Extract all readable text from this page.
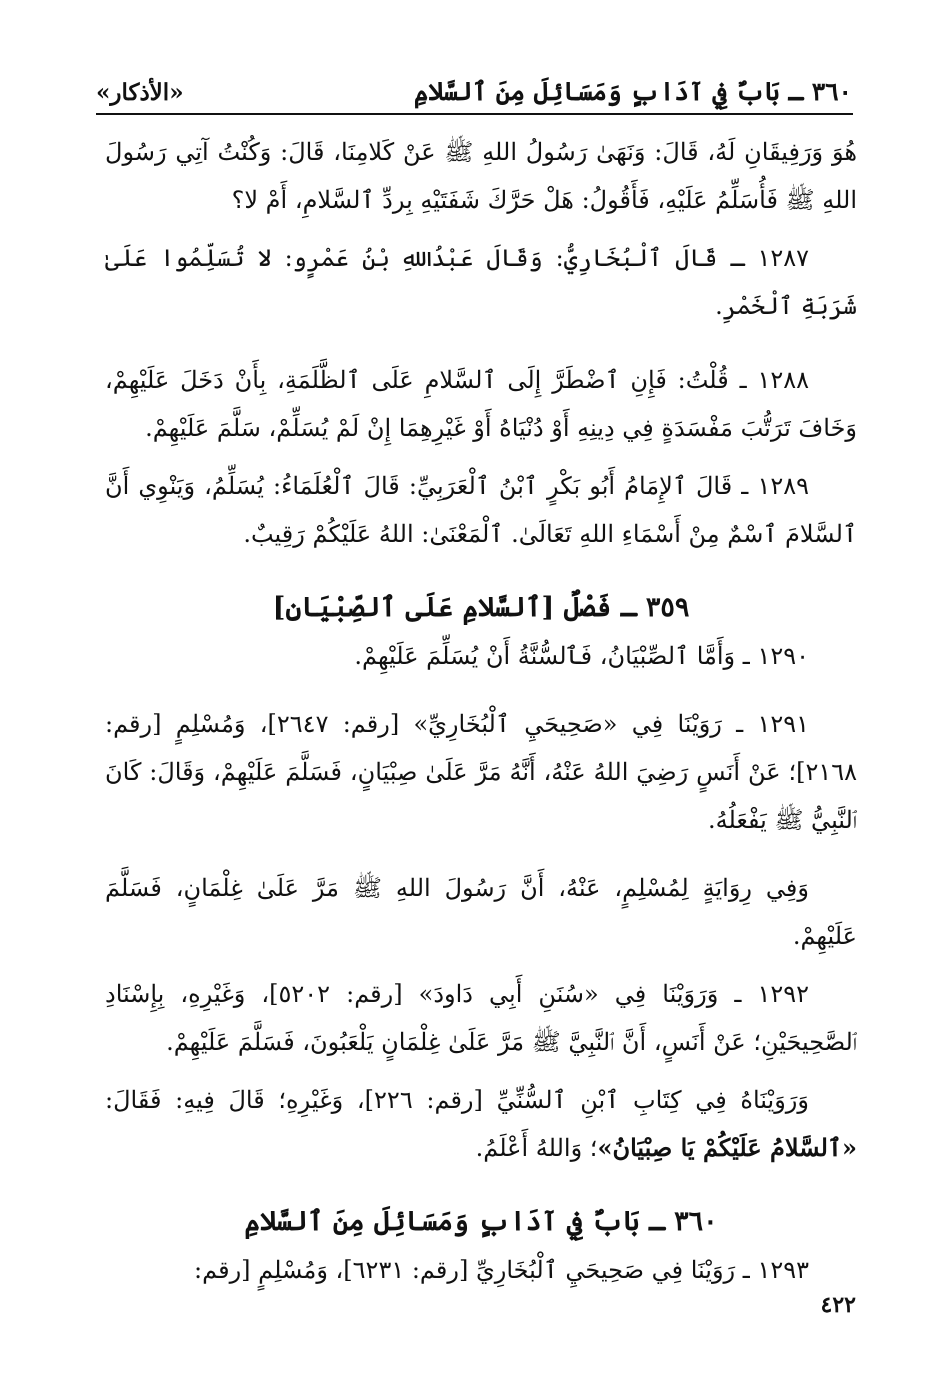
٣٦٠ ـ بَابٌ فِي آدَابٍ وَمَسَائِلَ مِنَ ٱلسَّلامِ
«الأذكار»

هُوَ وَرَفِيقَانِ لَهُ، قَالَ: وَنَهَىٰ رَسُولُ اللهِ ﷺ عَنْ كَلامِنَا، قَالَ: وَكُنْتُ آتِي رَسُولَ اللهِ ﷺ فَأُسَلِّمُ عَلَيْهِ، فَأَقُولُ: هَلْ حَرَّكَ شَفَتَيْهِ بِردِّ ٱلسَّلامِ، أَمْ لا؟

١٢٨٧ ـ قَالَ ٱلْبُخَارِيُّ: وَقَالَ عَبْدُاللهِ بْنُ عَمْرٍو: لا تُسَلِّمُوا عَلَىٰ شَرَبَةِ ٱلْخَمْرِ.

١٢٨٨ ـ قُلْتُ: فَإِنِ ٱضْطَرَّ إِلَى ٱلسَّلامِ عَلَى ٱلظَّلَمَةِ، بِأَنْ دَخَلَ عَلَيْهِمْ، وَخَافَ تَرَتُّبَ مَفْسَدَةٍ فِي دِينِهِ أَوْ دُنْيَاهُ أَوْ غَيْرِهِمَا إِنْ لَمْ يُسَلِّمْ، سَلَّمَ عَلَيْهِمْ.

١٢٨٩ ـ قَالَ ٱلإِمَامُ أَبُو بَكْرٍ ٱبْنُ ٱلْعَرَبِيِّ: قَالَ ٱلْعُلَمَاءُ: يُسَلِّمُ، وَيَنْوِي أَنَّ ٱلسَّلامَ ٱسْمٌ مِنْ أَسْمَاءِ اللهِ تَعَالَىٰ. ٱلْمَعْنَىٰ: اللهُ عَلَيْكُمْ رَقِيبٌ.

٣٥٩ ـ فَصْلٌ [ٱلسَّلامِ عَلَى ٱلصِّبْيَانِ]

١٢٩٠ ـ وَأَمَّا ٱلصِّبْيَانُ، فَٱلسُّنَّةُ أَنْ يُسَلِّمَ عَلَيْهِمْ.

١٢٩١ ـ رَوَيْنَا فِي «صَحِيحَيِ ٱلْبُخَارِيِّ» [رقم: ٢٦٤٧]، وَمُسْلِمٍ [رقم: ٢١٦٨]؛ عَنْ أَنَسٍ رَضِيَ اللهُ عَنْهُ، أَنَّهُ مَرَّ عَلَىٰ صِبْيَانٍ، فَسَلَّمَ عَلَيْهِمْ، وَقَالَ: كَانَ ٱلنَّبِيُّ ﷺ يَفْعَلُهُ.

وَفِي رِوَايَةٍ لِمُسْلِمٍ، عَنْهُ، أَنَّ رَسُولَ اللهِ ﷺ مَرَّ عَلَىٰ غِلْمَانٍ، فَسَلَّمَ عَلَيْهِمْ.

١٢٩٢ ـ وَرَوَيْنَا فِي «سُنَنِ أَبِي دَاودَ» [رقم: ٥٢٠٢]، وَغَيْرِهِ، بِإِسْنَادِ ٱلصَّحِيحَيْنِ؛ عَنْ أَنَسٍ، أَنَّ ٱلنَّبِيَّ ﷺ مَرَّ عَلَىٰ غِلْمَانٍ يَلْعَبُونَ، فَسَلَّمَ عَلَيْهِمْ.

وَرَوَيْنَاهُ فِي كِتَابِ ٱبْنِ ٱلسُّنِّيِّ [رقم: ٢٢٦]، وَغَيْرِهِ؛ قَالَ فِيهِ: فَقَالَ: «ٱلسَّلامُ عَلَيْكُمْ يَا صِبْيَانُ»؛ وَاللهُ أَعْلَمُ.

٣٦٠ ـ بَابٌ فِي آدَابٍ وَمَسَائِلَ مِنَ ٱلسَّلامِ

١٢٩٣ ـ رَوَيْنَا فِي صَحِيحَيِ ٱلْبُخَارِيِّ [رقم: ٦٢٣١]، وَمُسْلِمٍ [رقم:

٤٢٢
